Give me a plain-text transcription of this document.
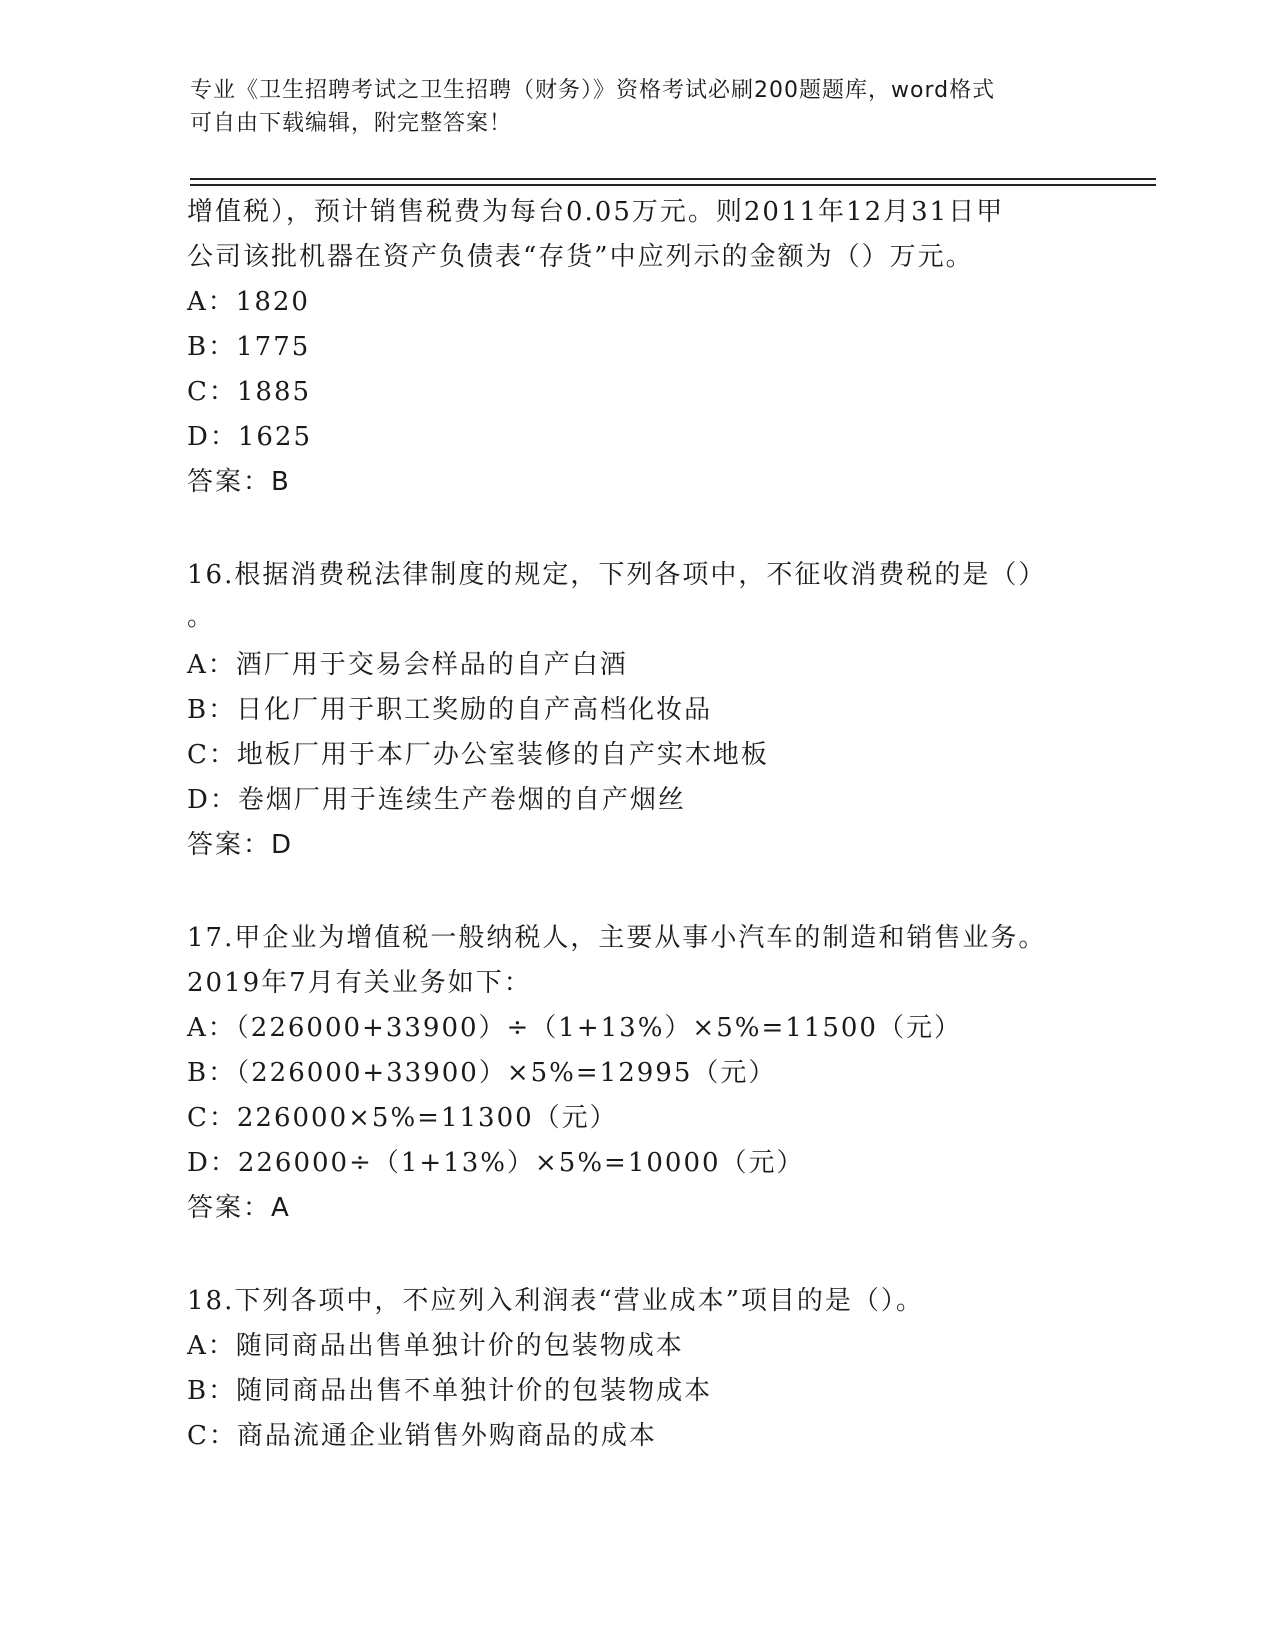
专业《卫生招聘考试之卫生招聘（财务）》资格考试必刷200题题库，word格式
可自由下载编辑，附完整答案！
增值税），预计销售税费为每台0.05万元。则2011年12月31日甲
公司该批机器在资产负债表“存货”中应列示的金额为（）万元。
A：1820
B：1775
C：1885
D：1625
答案：B
16.根据消费税法律制度的规定，下列各项中，不征收消费税的是（）
。
A：酒厂用于交易会样品的自产白酒
B：日化厂用于职工奖励的自产高档化妆品
C：地板厂用于本厂办公室装修的自产实木地板
D：卷烟厂用于连续生产卷烟的自产烟丝
答案：D
17.甲企业为增值税一般纳税人，主要从事小汽车的制造和销售业务。
2019年7月有关业务如下：
A：（226000+33900）÷（1+13%）×5%=11500（元）
B：（226000+33900）×5%=12995（元）
C：226000×5%=11300（元）
D：226000÷（1+13%）×5%=10000（元）
答案：A
18.下列各项中，不应列入利润表“营业成本”项目的是（）。
A：随同商品出售单独计价的包装物成本
B：随同商品出售不单独计价的包装物成本
C：商品流通企业销售外购商品的成本
